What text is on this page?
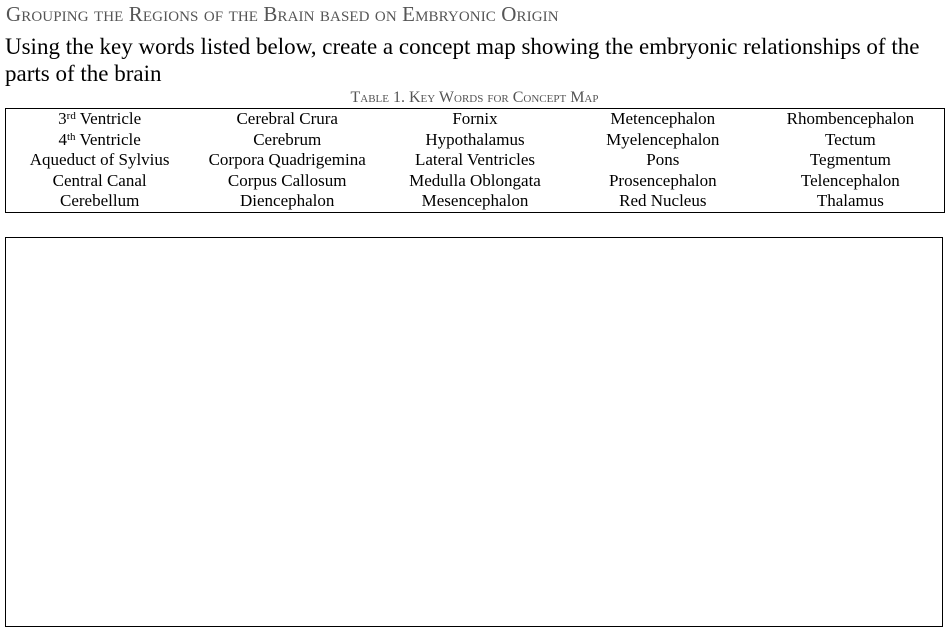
Grouping the Regions of the Brain based on Embryonic Origin
Using the key words listed below, create a concept map showing the embryonic relationships of the parts of the brain
Table 1. Key Words for Concept Map
3rd Ventricle	Cerebral Crura	Fornix	Metencephalon	Rhombencephalon
4th Ventricle	Cerebrum	Hypothalamus	Myelencephalon	Tectum
Aqueduct of Sylvius	Corpora Quadrigemina	Lateral Ventricles	Pons	Tegmentum
Central Canal	Corpus Callosum	Medulla Oblongata	Prosencephalon	Telencephalon
Cerebellum	Diencephalon	Mesencephalon	Red Nucleus	Thalamus
